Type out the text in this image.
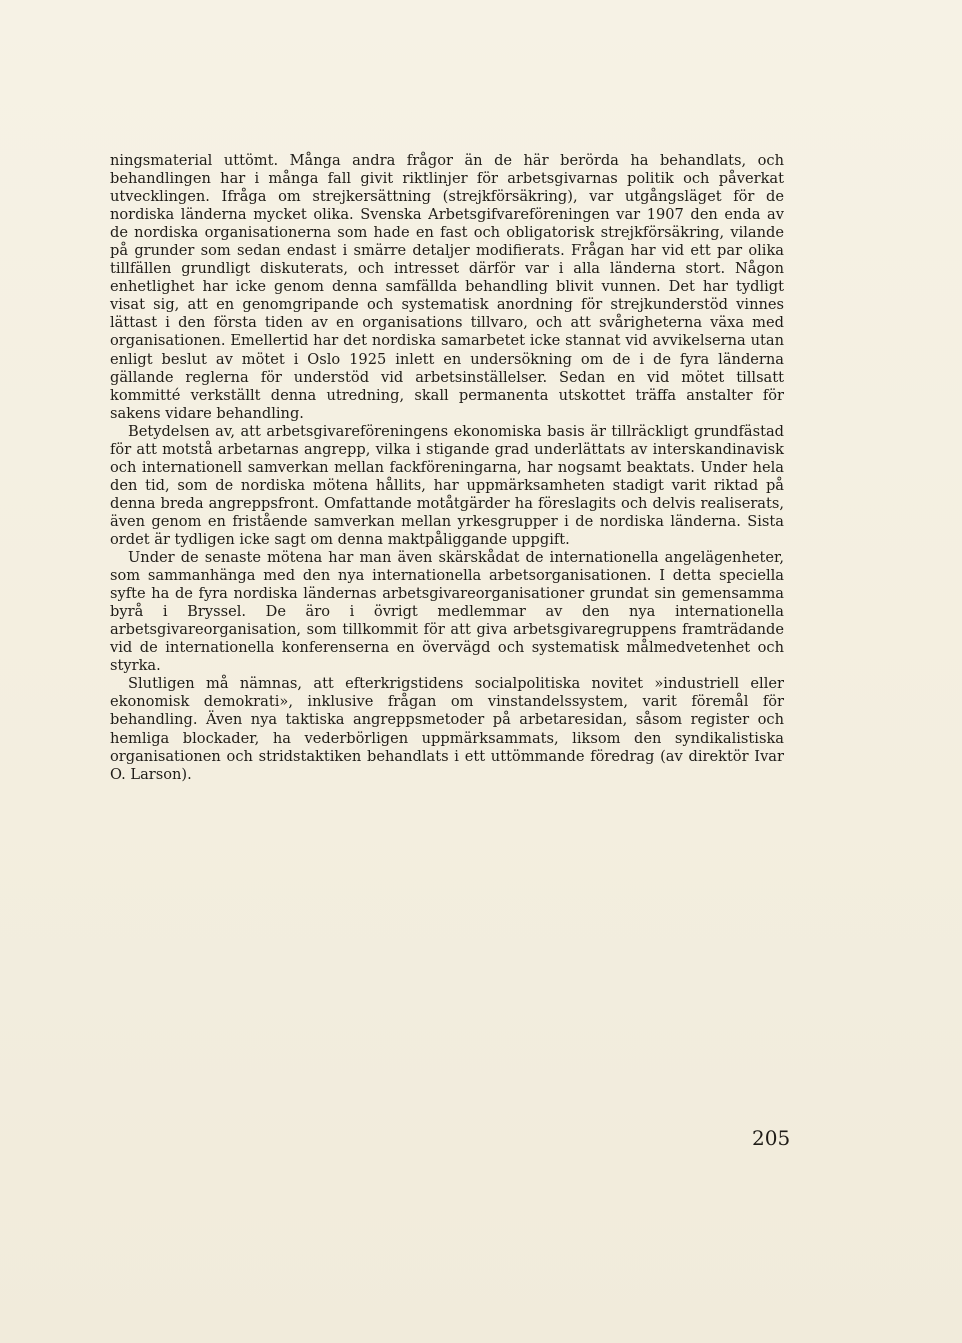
ningsmaterial uttömt. Många andra frågor än de här berörda ha behandlats, och behandlingen har i många fall givit riktlinjer för arbetsgivarnas politik och påverkat utvecklingen. Ifråga om strejkersättning (strejkförsäkring), var utgångsläget för de nordiska länderna mycket olika. Svenska Arbetsgifvareföreningen var 1907 den enda av de nordiska organisationerna som hade en fast och obligatorisk strejkförsäkring, vilande på grunder som sedan endast i smärre detaljer modifierats. Frågan har vid ett par olika tillfällen grundligt diskuterats, och intresset därför var i alla länderna stort. Någon enhetlighet har icke genom denna samfällda behandling blivit vunnen. Det har tydligt visat sig, att en genomgripande och systematisk anordning för strejkunderstöd vinnes lättast i den första tiden av en organisations tillvaro, och att svårigheterna växa med organisationen. Emellertid har det nordiska samarbetet icke stannat vid avvikelserna utan enligt beslut av mötet i Oslo 1925 inlett en undersökning om de i de fyra länderna gällande reglerna för understöd vid arbetsinställelser. Sedan en vid mötet tillsatt kommitté verkställt denna utredning, skall permanenta utskottet träffa anstalter för sakens vidare behandling.

Betydelsen av, att arbetsgivareföreningens ekonomiska basis är tillräckligt grundfästad för att motstå arbetarnas angrepp, vilka i stigande grad underlättats av interskandinavisk och internationell samverkan mellan fackföreningarna, har nogsamt beaktats. Under hela den tid, som de nordiska mötena hållits, har uppmärksamheten stadigt varit riktad på denna breda angreppsfront. Omfattande motåtgärder ha föreslagits och delvis realiserats, även genom en fristående samverkan mellan yrkesgrupper i de nordiska länderna. Sista ordet är tydligen icke sagt om denna maktpåliggande uppgift.

Under de senaste mötena har man även skärskådat de internationella angelägenheter, som sammanhänga med den nya internationella arbetsorganisationen. I detta speciella syfte ha de fyra nordiska ländernas arbetsgivareorganisationer grundat sin gemensamma byrå i Bryssel. De äro i övrigt medlemmar av den nya internationella arbetsgivareorganisation, som tillkommit för att giva arbetsgivaregruppens framträdande vid de internationella konferenserna en övervägd och systematisk målmedvetenhet och styrka.

Slutligen må nämnas, att efterkrigstidens socialpolitiska novitet »industriell eller ekonomisk demokrati», inklusive frågan om vinstandelssystem, varit föremål för behandling. Även nya taktiska angreppsmetoder på arbetaresidan, såsom register och hemliga blockader, ha vederbörligen uppmärksammats, liksom den syndikalistiska organisationen och stridstaktiken behandlats i ett uttömmande föredrag (av direktör Ivar O. Larson).

205
